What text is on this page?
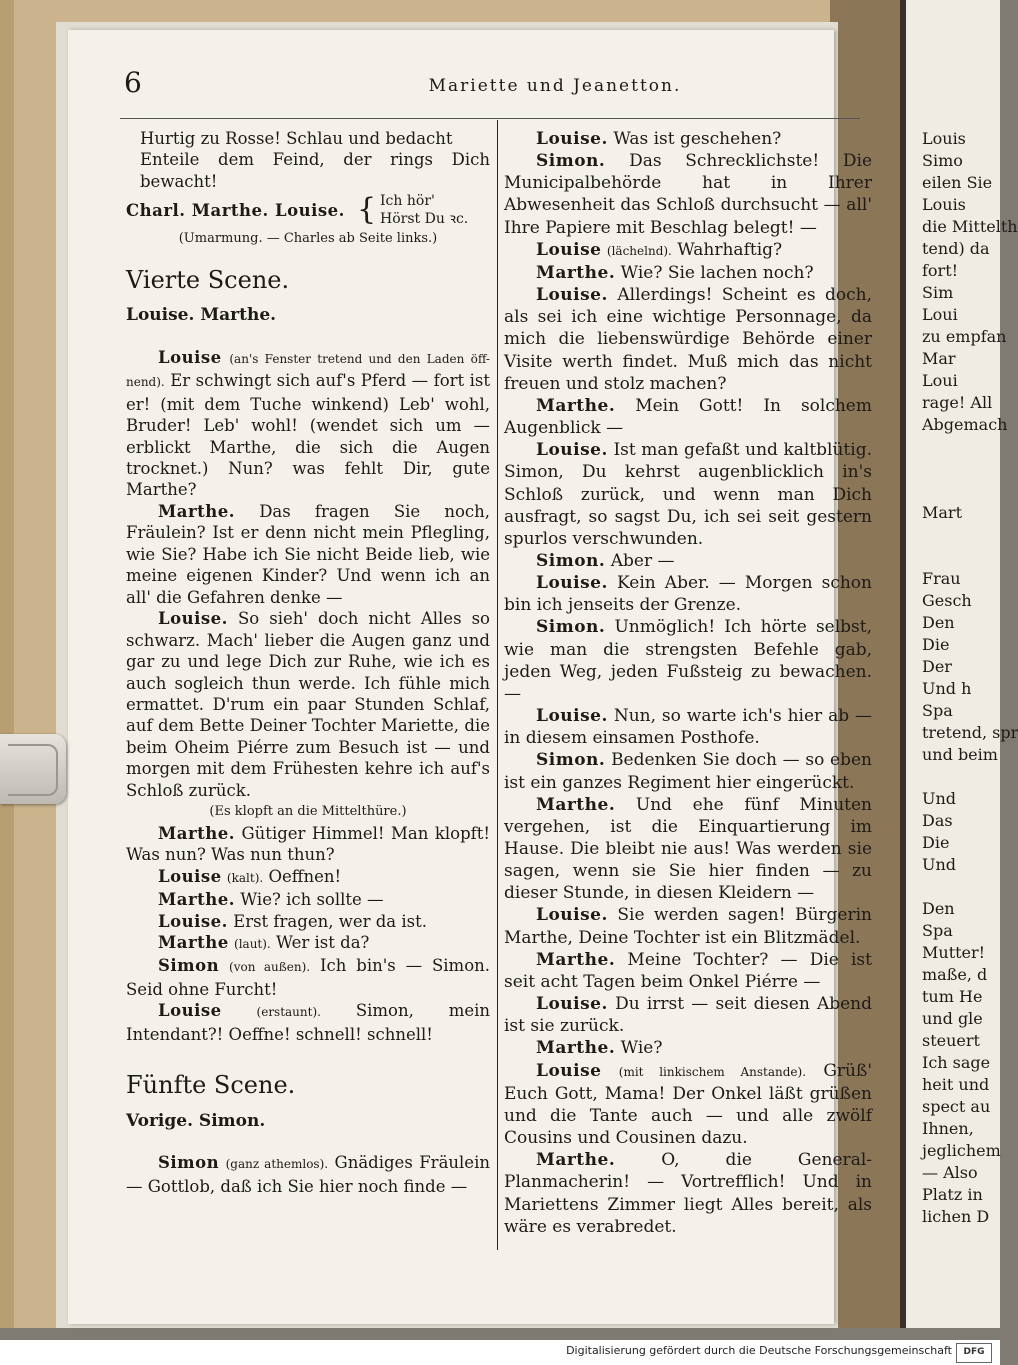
6	Mariette und Jeanetton.

Hurtig zu Rosse! Schlau und bedacht

Enteile dem Feind, der rings Dich bewacht!

Charl. Marthe. Louise. { Ich hör'
Hörst Du ꝛc.

(Umarmung. — Charles ab Seite links.)

Vierte Scene.

Louise. Marthe.

Louise (an's Fenster tretend und den Laden öff-nend). Er schwingt sich auf's Pferd — fort ist er! (mit dem Tuche winkend) Leb' wohl, Bruder! Leb' wohl! (wendet sich um — erblickt Marthe, die sich die Augen trocknet.) Nun? was fehlt Dir, gute Marthe?

Marthe. Das fragen Sie noch, Fräulein? Ist er denn nicht mein Pflegling, wie Sie? Habe ich Sie nicht Beide lieb, wie meine eigenen Kinder? Und wenn ich an all' die Gefahren denke —

Louise. So sieh' doch nicht Alles so schwarz. Mach' lieber die Augen ganz und gar zu und lege Dich zur Ruhe, wie ich es auch sogleich thun werde. Ich fühle mich ermattet. D'rum ein paar Stunden Schlaf, auf dem Bette Deiner Tochter Mariette, die beim Oheim Piérre zum Besuch ist — und morgen mit dem Frühesten kehre ich auf's Schloß zurück.

(Es klopft an die Mittelthüre.)

Marthe. Gütiger Himmel! Man klopft! Was nun? Was nun thun?

Louise (kalt). Oeffnen!

Marthe. Wie? ich sollte —

Louise. Erst fragen, wer da ist.

Marthe (laut). Wer ist da?

Simon (von außen). Ich bin's — Simon. Seid ohne Furcht!

Louise	(erstaunt). Simon, mein Intendant?! Oeffne! schnell! schnell!

Fünfte Scene.

Vorige. Simon.

Simon (ganz athemlos). Gnädiges Fräulein — Gottlob, daß ich Sie hier noch finde —

Louise. Was ist geschehen?

Simon. Das Schrecklichste! Die Municipalbehörde hat in Ihrer Abwesenheit das Schloß durchsucht — all' Ihre Papiere mit Beschlag belegt! —

Louise (lächelnd). Wahrhaftig?

Marthe. Wie? Sie lachen noch?

Louise. Allerdings! Scheint es doch, als sei ich eine wichtige Personnage, da mich die liebenswürdige Behörde einer Visite werth findet. Muß mich das nicht freuen und stolz machen?

Marthe. Mein Gott! In solchem Augenblick —

Louise. Ist man gefaßt und kaltblütig. Simon, Du kehrst augenblicklich in's Schloß zurück, und wenn man Dich ausfragt, so sagst Du, ich sei seit gestern spurlos verschwunden.

Simon. Aber —

Louise. Kein Aber. — Morgen schon bin ich jenseits der Grenze.

Simon. Unmöglich! Ich hörte selbst, wie man die strengsten Befehle gab, jeden Weg, jeden Fußsteig zu bewachen. —

Louise. Nun, so warte ich's hier ab — in diesem einsamen Posthofe.

Simon. Bedenken Sie doch — so eben ist ein ganzes Regiment hier eingerückt.

Marthe. Und ehe fünf Minuten vergehen, ist die Einquartierung im Hause. Die bleibt nie aus! Was werden sie sagen, wenn sie Sie hier finden — zu dieser Stunde, in diesen Kleidern —

Louise. Sie werden sagen! Bürgerin Marthe, Deine Tochter ist ein Blitzmädel.

Marthe. Meine Tochter? — Die ist seit acht Tagen beim Onkel Piérre —

Louise. Du irrst — seit diesen Abend ist sie zurück.

Marthe. Wie?

Louise (mit linkischem Anstande). Grüß' Euch Gott, Mama! Der Onkel läßt grüßen und die Tante auch — und alle zwölf Cousins und Cousinen dazu.

Marthe.	O, die General-Planmacherin! — Vortrefflich! Und in Mariettens Zimmer liegt Alles bereit, als wäre es verabredet.

Louis
Simo
eilen Sie
Louis
die Mittelth
tend) da
fort!
Sim
Loui
zu empfan
Mar
Loui
rage! All
Abgemach
Mart
Frau
Gesch
Den
Die
Der
Und h
Spa
tretend, spr
und beim
Und
Das
Die
Und
Den
Spa
Mutter!
maße, d
tum He
und gle
steuert
Ich sage
heit und
spect au
Ihnen,
jeglichem
— Also
Platz in
lichen D
Digitalisierung gefördert durch die Deutsche Forschungsgemeinschaft	DFG
